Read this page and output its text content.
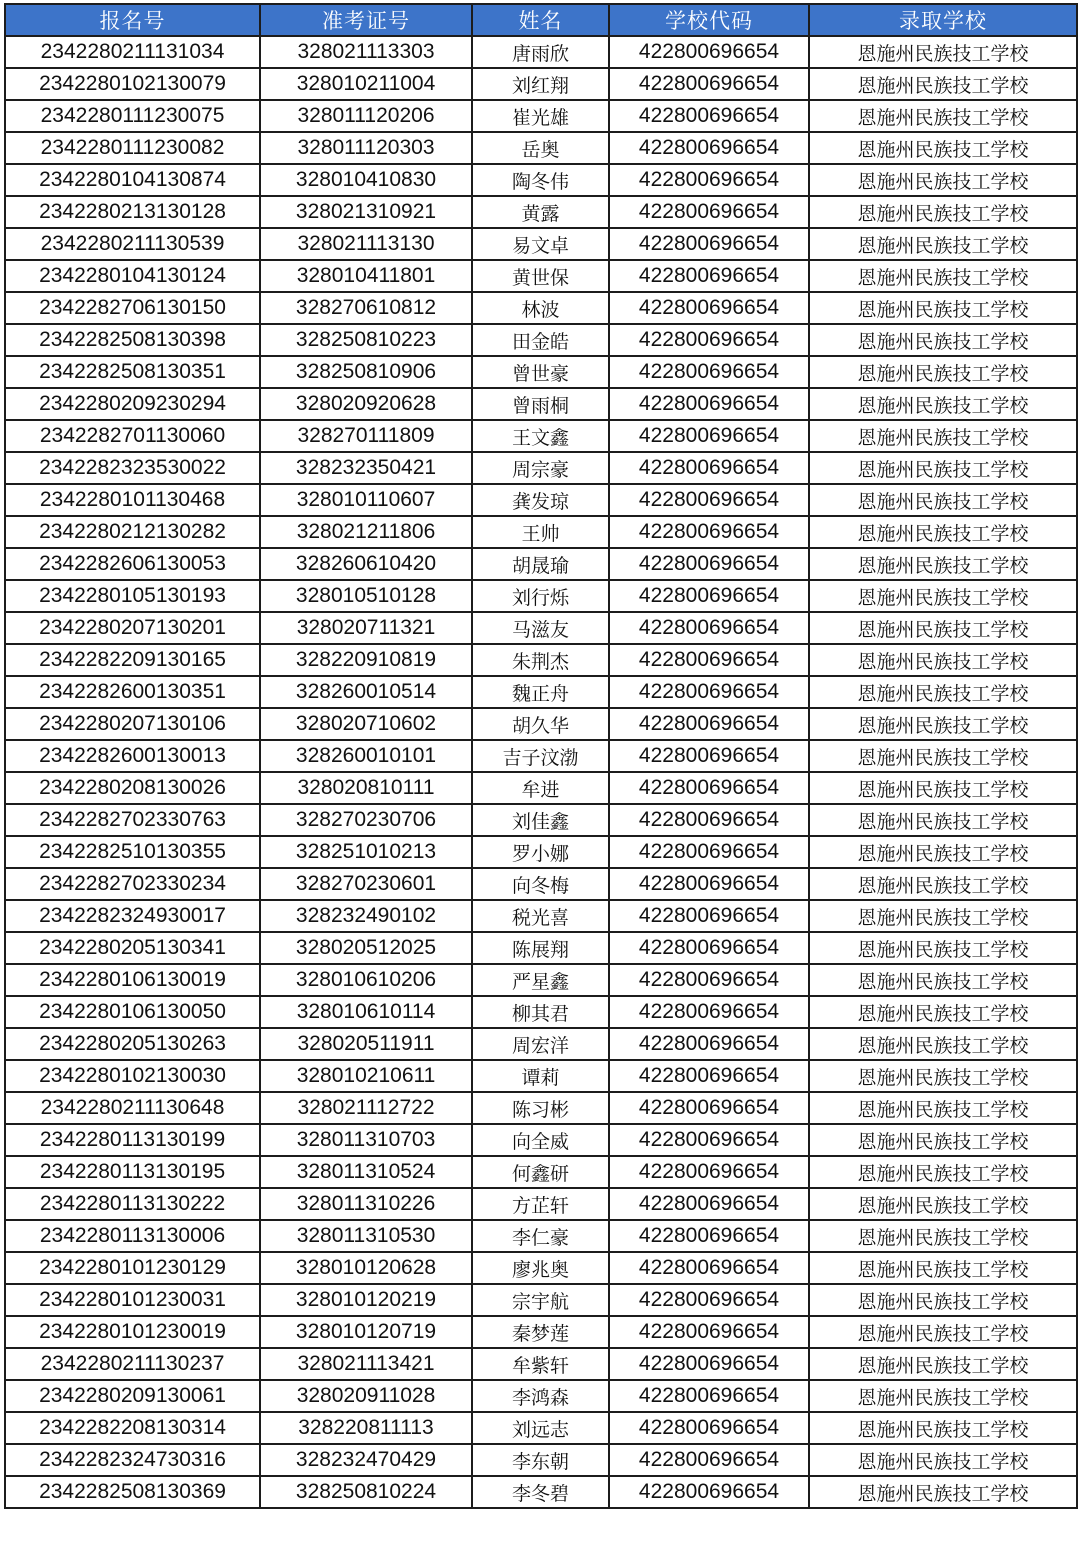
报名号	准考证号	姓名	学校代码	录取学校
2342280211131034	328021113303	唐雨欣	422800696654	恩施州民族技工学校
2342280102130079	328010211004	刘红翔	422800696654	恩施州民族技工学校
2342280111230075	328011120206	崔光雄	422800696654	恩施州民族技工学校
2342280111230082	328011120303	岳奥	422800696654	恩施州民族技工学校
2342280104130874	328010410830	陶冬伟	422800696654	恩施州民族技工学校
2342280213130128	328021310921	黄露	422800696654	恩施州民族技工学校
2342280211130539	328021113130	易文卓	422800696654	恩施州民族技工学校
2342280104130124	328010411801	黄世保	422800696654	恩施州民族技工学校
2342282706130150	328270610812	林波	422800696654	恩施州民族技工学校
2342282508130398	328250810223	田金皓	422800696654	恩施州民族技工学校
2342282508130351	328250810906	曾世豪	422800696654	恩施州民族技工学校
2342280209230294	328020920628	曾雨桐	422800696654	恩施州民族技工学校
2342282701130060	328270111809	王文鑫	422800696654	恩施州民族技工学校
2342282323530022	328232350421	周宗豪	422800696654	恩施州民族技工学校
2342280101130468	328010110607	龚发琼	422800696654	恩施州民族技工学校
2342280212130282	328021211806	王帅	422800696654	恩施州民族技工学校
2342282606130053	328260610420	胡晟瑜	422800696654	恩施州民族技工学校
2342280105130193	328010510128	刘行烁	422800696654	恩施州民族技工学校
2342280207130201	328020711321	马滋友	422800696654	恩施州民族技工学校
2342282209130165	328220910819	朱荆杰	422800696654	恩施州民族技工学校
2342282600130351	328260010514	魏正舟	422800696654	恩施州民族技工学校
2342280207130106	328020710602	胡久华	422800696654	恩施州民族技工学校
2342282600130013	328260010101	吉子汶渤	422800696654	恩施州民族技工学校
2342280208130026	328020810111	牟进	422800696654	恩施州民族技工学校
2342282702330763	328270230706	刘佳鑫	422800696654	恩施州民族技工学校
2342282510130355	328251010213	罗小娜	422800696654	恩施州民族技工学校
2342282702330234	328270230601	向冬梅	422800696654	恩施州民族技工学校
2342282324930017	328232490102	税光喜	422800696654	恩施州民族技工学校
2342280205130341	328020512025	陈展翔	422800696654	恩施州民族技工学校
2342280106130019	328010610206	严星鑫	422800696654	恩施州民族技工学校
2342280106130050	328010610114	柳其君	422800696654	恩施州民族技工学校
2342280205130263	328020511911	周宏洋	422800696654	恩施州民族技工学校
2342280102130030	328010210611	谭莉	422800696654	恩施州民族技工学校
2342280211130648	328021112722	陈习彬	422800696654	恩施州民族技工学校
2342280113130199	328011310703	向全威	422800696654	恩施州民族技工学校
2342280113130195	328011310524	何鑫研	422800696654	恩施州民族技工学校
2342280113130222	328011310226	方芷轩	422800696654	恩施州民族技工学校
2342280113130006	328011310530	李仁豪	422800696654	恩施州民族技工学校
2342280101230129	328010120628	廖兆奥	422800696654	恩施州民族技工学校
2342280101230031	328010120219	宗宇航	422800696654	恩施州民族技工学校
2342280101230019	328010120719	秦梦莲	422800696654	恩施州民族技工学校
2342280211130237	328021113421	牟紫轩	422800696654	恩施州民族技工学校
2342280209130061	328020911028	李鸿森	422800696654	恩施州民族技工学校
2342282208130314	328220811113	刘远志	422800696654	恩施州民族技工学校
2342282324730316	328232470429	李东朝	422800696654	恩施州民族技工学校
2342282508130369	328250810224	李冬碧	422800696654	恩施州民族技工学校
